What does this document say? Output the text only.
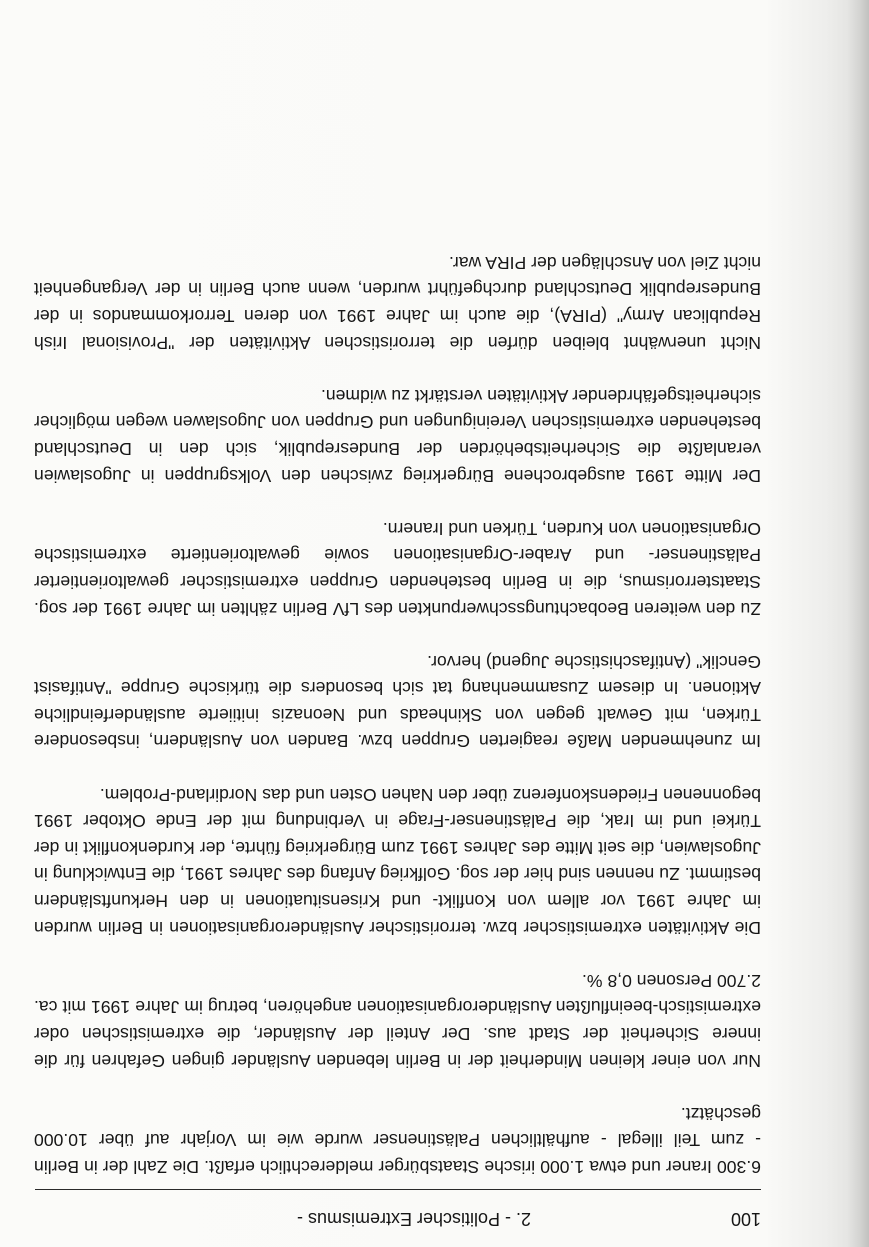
100
2. - Politischer Extremismus -

6.300 Iraner und etwa 1.000 irische Staatsbürger melderechtlich erfaßt. Die Zahl der in Berlin - zum Teil illegal - aufhältlichen Palästinenser wurde wie im Vorjahr auf über 10.000 geschätzt.

Nur von einer kleinen Minderheit der in Berlin lebenden Ausländer gingen Gefahren für die innere Sicherheit der Stadt aus. Der Anteil der Ausländer, die extremistischen oder extremistisch-beeinflußten Ausländerorganisationen angehören, betrug im Jahre 1991 mit ca. 2.700 Personen 0,8 %.

Die Aktivitäten extremistischer bzw. terroristischer Ausländerorganisationen in Berlin wurden im Jahre 1991 vor allem von Konflikt- und Krisensituationen in den Herkunftsländern bestimmt. Zu nennen sind hier der sog. Golfkrieg Anfang des Jahres 1991, die Entwicklung in Jugoslawien, die seit Mitte des Jahres 1991 zum Bürgerkrieg führte, der Kurdenkonflikt in der Türkei und im Irak, die Palästinenser-Frage in Verbindung mit der Ende Oktober 1991 begonnenen Friedenskonferenz über den Nahen Osten und das Nordirland-Problem.

Im zunehmenden Maße reagierten Gruppen bzw. Banden von Ausländern, insbesondere Türken, mit Gewalt gegen von Skinheads und Neonazis initiierte ausländerfeindliche Aktionen. In diesem Zusammenhang tat sich besonders die türkische Gruppe "Antifasist Genclik" (Antifaschistische Jugend) hervor.

Zu den weiteren Beobachtungsschwerpunkten des LfV Berlin zählten im Jahre 1991 der sog. Staatsterrorismus, die in Berlin bestehenden Gruppen extremistischer gewaltorientierter Palästinenser- und Araber-Organisationen sowie gewaltorientierte extremistische Organisationen von Kurden, Türken und Iranern.

Der Mitte 1991 ausgebrochene Bürgerkrieg zwischen den Volksgruppen in Jugoslawien veranlaßte die Sicherheitsbehörden der Bundesrepublik, sich den in Deutschland bestehenden extremistischen Vereinigungen und Gruppen von Jugoslawen wegen möglicher sicherheitsgefährdender Aktivitäten verstärkt zu widmen.

Nicht unerwähnt bleiben dürfen die terroristischen Aktivitäten der "Provisional Irish Republican Army" (PIRA), die auch im Jahre 1991 von deren Terrorkommandos in der Bundesrepublik Deutschland durchgeführt wurden, wenn auch Berlin in der Vergangenheit nicht Ziel von Anschlägen der PIRA war.
